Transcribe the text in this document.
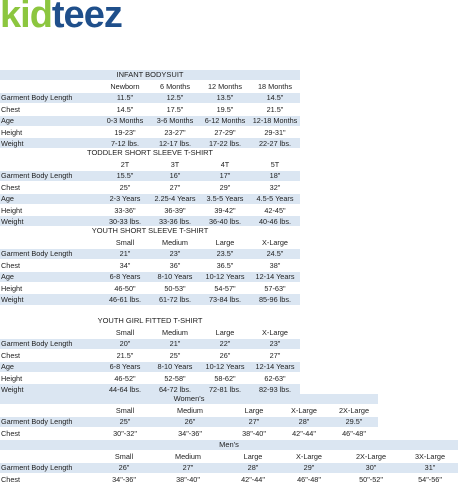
kidteez
INFANT BODYSUIT				
	Newborn	6 Months	12 Months	18 Months
Garment Body Length	11.5"	12.5"	13.5"	14.5"
Chest	14.5"	17.5"	19.5"	21.5"
Age	0-3 Months	3-6 Months	6-12 Months	12-18 Months
Height	19-23"	23-27"	27-29"	29-31"
Weight	7-12 lbs.	12-17 lbs.	17-22 lbs.	22-27 lbs.
TODDLER SHORT SLEEVE T-SHIRT				
	2T	3T	4T	5T
Garment Body Length	15.5"	16"	17"	18"
Chest	25"	27"	29"	32"
Age	2-3 Years	2.25-4 Years	3.5-5 Years	4.5-5 Years
Height	33-36"	36-39"	39-42"	42-45"
Weight	30-33 lbs.	33-36 lbs.	36-40 lbs.	40-46 lbs.
YOUTH SHORT SLEEVE T-SHIRT				
	Small	Medium	Large	X-Large
Garment Body Length	21"	23"	23.5"	24.5"
Chest	34"	36"	36.5"	38"
Age	6-8 Years	8-10 Years	10-12 Years	12-14 Years
Height	46-50"	50-53"	54-57"	57-63"
Weight	46-61 lbs.	61-72 lbs.	73-84 lbs.	85-96 lbs.
YOUTH GIRL FITTED T-SHIRT				
	Small	Medium	Large	X-Large
Garment Body Length	20"	21"	22"	23"
Chest	21.5"	25"	26"	27"
Age	6-8 Years	8-10 Years	10-12 Years	12-14 Years
Height	46-52"	52-58"	58-62"	62-63"
Weight	44-64 lbs.	64-72 lbs.	72-81 lbs.	82-93 lbs.
Women's					
	Small	Medium	Large	X-Large	2X-Large
Garment Body Length	25"	26"	27"	28"	29.5"
Chest	30"-32"	34"-36"	38"-40"	42"-44"	46"-48"
Men's						
	Small	Medium	Large	X-Large	2X-Large	3X-Large
Garment Body Length	26"	27"	28"	29"	30"	31"
Chest	34"-36"	38"-40"	42"-44"	46"-48"	50"-52"	54"-56"
